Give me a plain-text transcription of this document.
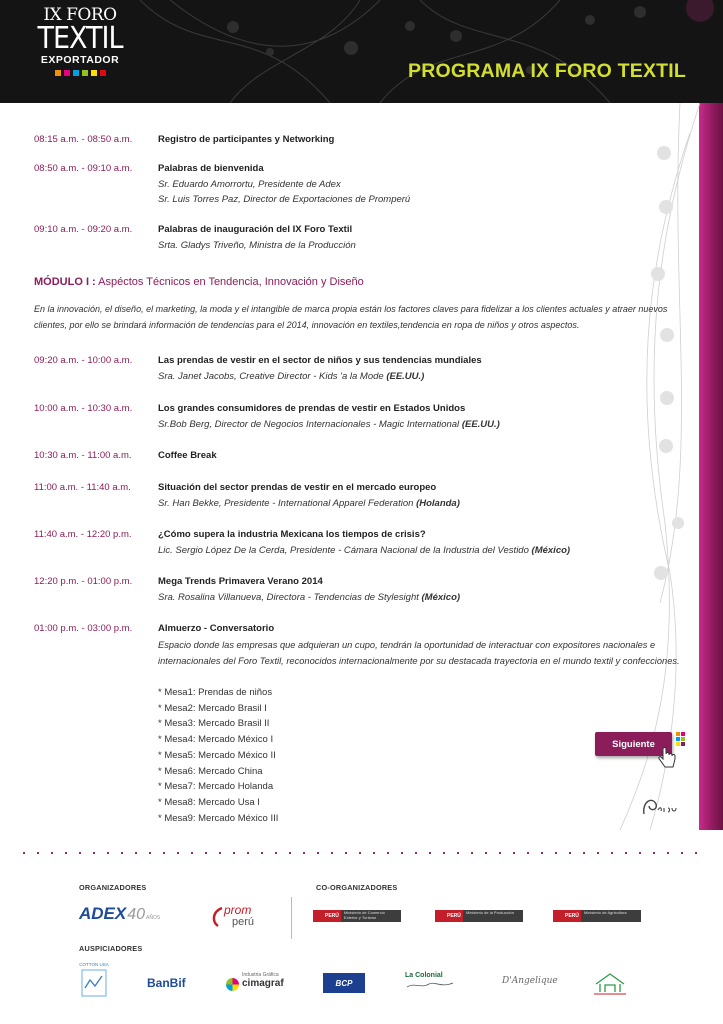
IX FORO
TEXTIL
EXPORTADOR	PROGRAMA IX FORO TEXTIL
08:15 a.m. - 08:50 a.m.	Registro de participantes y Networking
08:50 a.m. - 09:10 a.m.	Palabras de bienvenida
Sr. Eduardo Amorrortu, Presidente de Adex
Sr. Luis Torres Paz, Director de Exportaciones de Promperú
09:10 a.m. - 09:20 a.m.	Palabras de inauguración del IX Foro Textil
Srta. Gladys Triveño, Ministra de la Producción
MÓDULO I : Aspéctos Técnicos en Tendencia, Innovación y Diseño
En la innovación, el diseño, el marketing, la moda y el intangible de marca propia están los factores claves para fidelizar a los clientes actuales y atraer nuevos clientes, por ello se brindará información de tendencias para el 2014, innovación en textiles,tendencia en ropa de niños y otros aspectos.
09:20 a.m. - 10:00 a.m.	Las prendas de vestir en el sector de niños y sus tendencias mundiales
Sra. Janet Jacobs, Creative Director - Kids 'a la Mode (EE.UU.)
10:00 a.m. - 10:30 a.m.	Los grandes consumidores de prendas de vestir en Estados Unidos
Sr.Bob Berg, Director de Negocios Internacionales - Magic International (EE.UU.)
10:30 a.m. - 11:00 a.m.	Coffee Break
11:00 a.m. - 11:40 a.m.	Situación del sector prendas de vestir en el mercado europeo
Sr. Han Bekke, Presidente - International Apparel Federation (Holanda)
11:40 a.m. - 12:20 p.m.	¿Cómo supera la industria Mexicana los tiempos de crisis?
Lic. Sergio López De la Cerda, Presidente - Cámara Nacional de la Industria del Vestido (México)
12:20 p.m. - 01:00 p.m.	Mega Trends Primavera Verano 2014
Sra. Rosalina Villanueva, Directora - Tendencias de Stylesight (México)
01:00 p.m. - 03:00 p.m.	Almuerzo - Conversatorio
Espacio donde las empresas que adquieran un cupo, tendrán la oportunidad de interactuar con expositores nacionales e internacionales del Foro Textil, reconocidos internacionalmente por su destacada trayectoria en el mundo textil y confecciones.
* Mesa1: Prendas de niños
* Mesa2: Mercado Brasil I
* Mesa3: Mercado Brasil II
* Mesa4: Mercado México I
* Mesa5: Mercado México II
* Mesa6: Mercado China
* Mesa7: Mercado Holanda
* Mesa8: Mercado Usa I
* Mesa9: Mercado México III
Siguiente
ORGANIZADORES	CO-ORGANIZADORES
ADEX 40 AÑOS
prom
perú	PERÚ
Ministerio de Comercio Exterior y Turismo	PERÚ
Ministerio de la Producción
PERÚ
Ministerio de Agricultura
AUSPICIADORES
COTTON USA
BanBif
Industria Gráfica
cimagraf	BCP
La Colonial
D'Angelique
